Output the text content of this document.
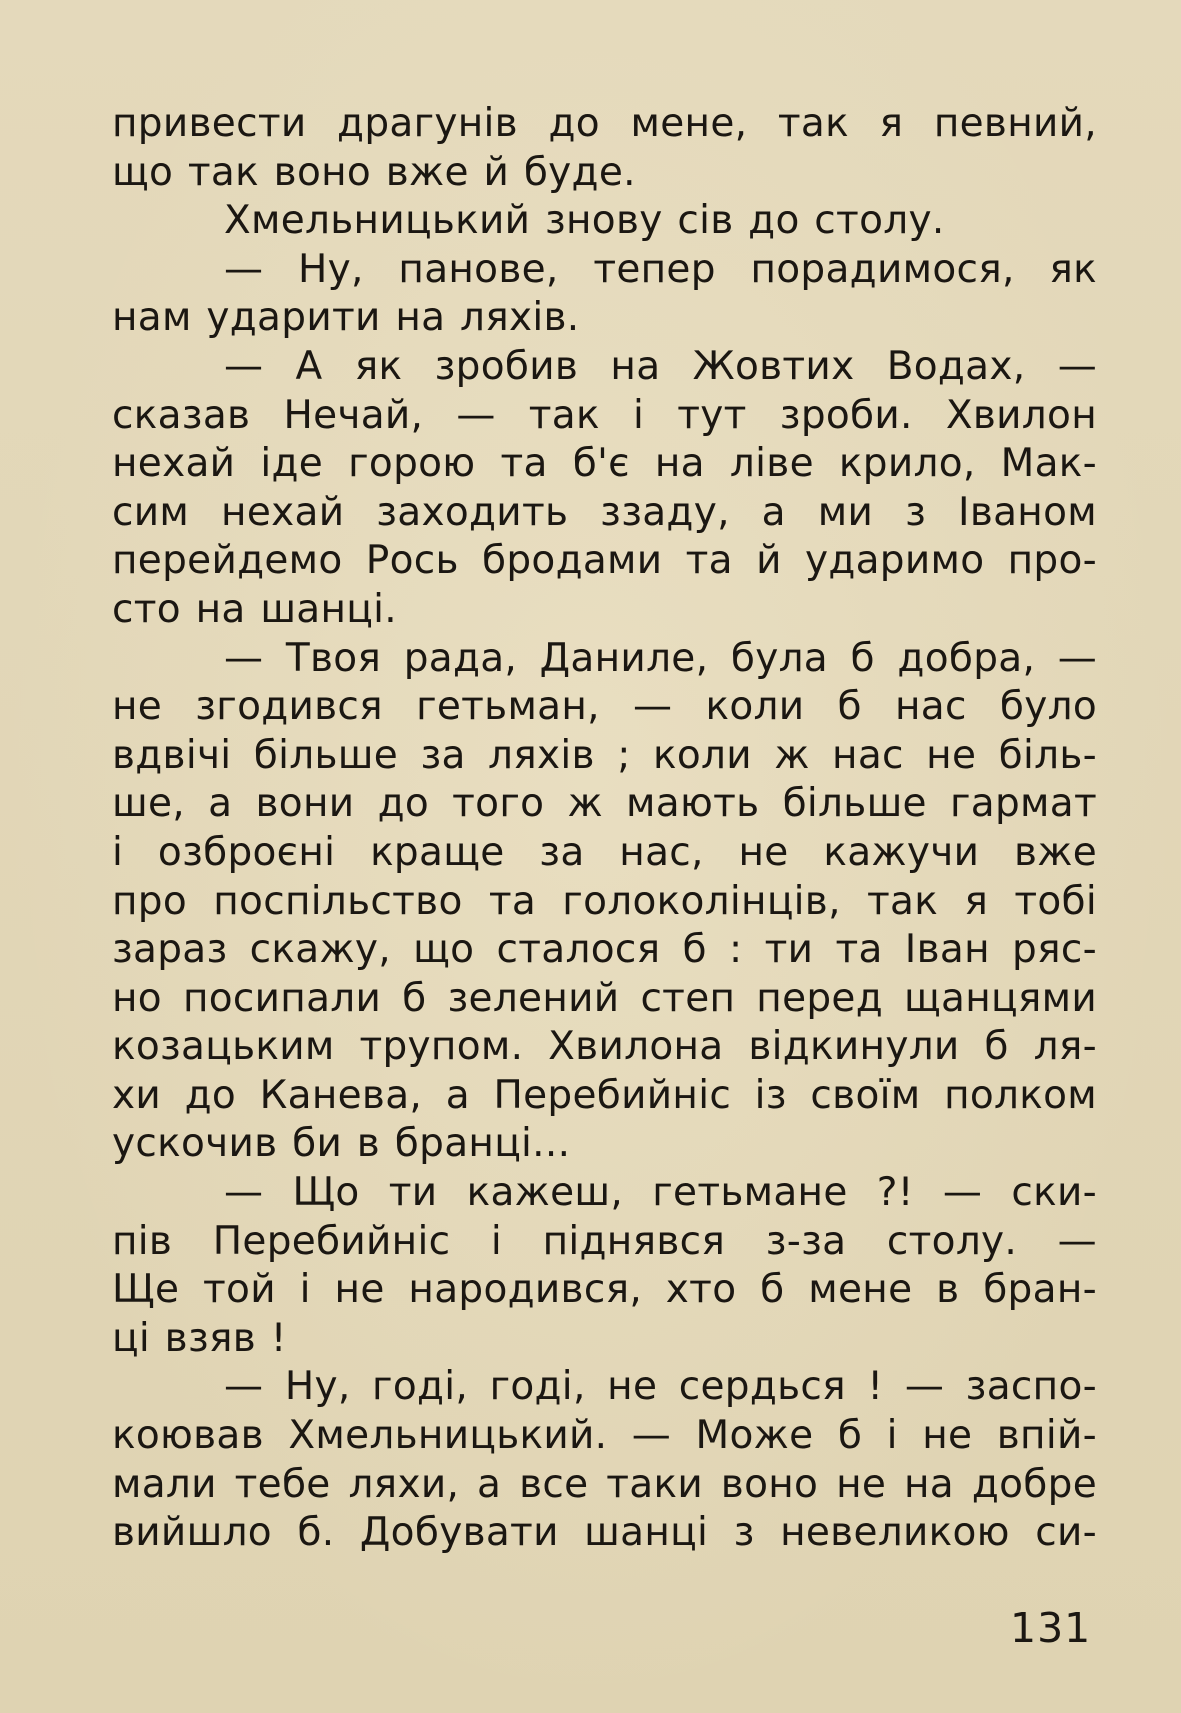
привести драгунів до мене, так я певний,
що так воно вже й буде.
Хмельницький знову сів до столу.
— Ну, панове, тепер порадимося, як
нам ударити на ляхів.
— А як зробив на Жовтих Водах, —
сказав Нечай, — так і тут зроби. Хвилон
нехай іде горою та б'є на ліве крило, Мак-
сим нехай заходить ззаду, а ми з Іваном
перейдемо Рось бродами та й ударимо про-
сто на шанці.
— Твоя рада, Даниле, була б добра, —
не згодився гетьман, — коли б нас було
вдвічі більше за ляхів ; коли ж нас не біль-
ше, а вони до того ж мають більше гармат
і озброєні краще за нас, не кажучи вже
про поспільство та голоколінців, так я тобі
зараз скажу, що сталося б : ти та Іван ряс-
но посипали б зелений степ перед щанцями
козацьким трупом. Хвилона відкинули б ля-
хи до Канева, а Перебийніс із своїм полком
ускочив би в бранці...
— Що ти кажеш, гетьмане ?! — ски-
пів Перебийніс і піднявся з-за столу. —
Ще той і не народився, хто б мене в бран-
ці взяв !
— Ну, годі, годі, не сердься ! — заспо-
коював Хмельницький. — Може б і не впій-
мали тебе ляхи, а все таки воно не на добре
вийшло б. Добувати шанці з невеликою си-
131
